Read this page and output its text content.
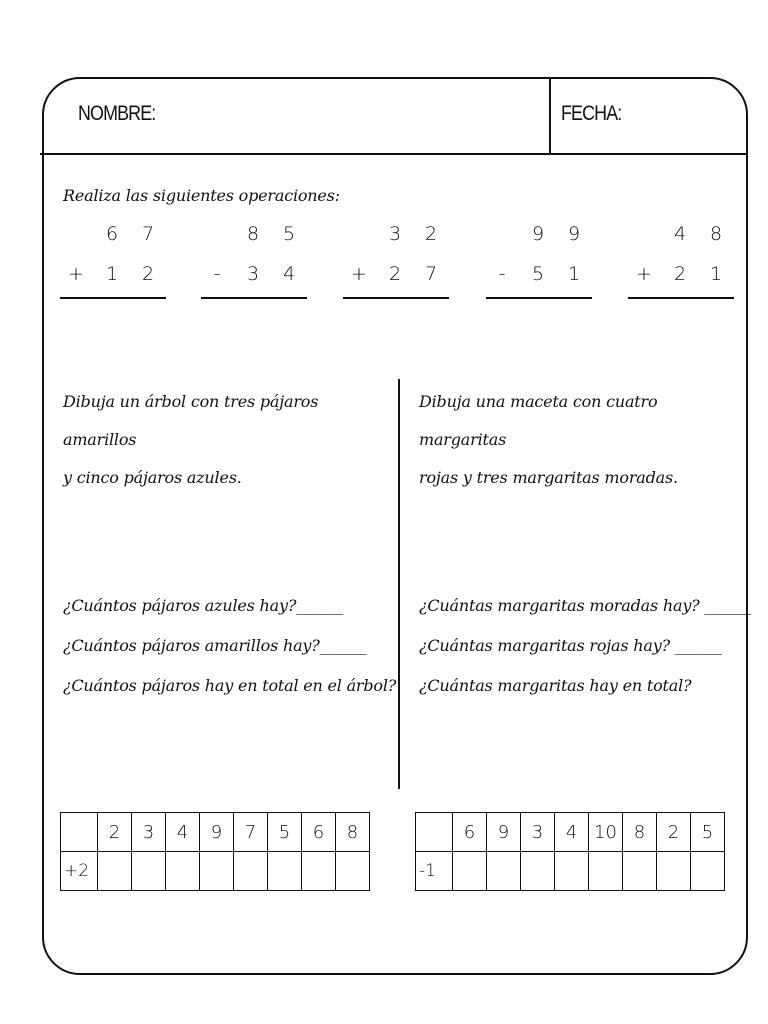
NOMBRE:	FECHA:
Realiza las siguientes operaciones:
6	7
+	1	2
8	5
-	3	4
3	2
+	2	7
9	9
-	5	1
4	8
+	2	1
Dibuja un árbol con tres pájaros amarillos
y cinco pájaros azules.
¿Cuántos pájaros azules hay?______
¿Cuántos pájaros amarillos hay?______
¿Cuántos pájaros hay en total en el árbol?
Dibuja una maceta con cuatro margaritas
rojas y tres margaritas moradas.
¿Cuántas margaritas moradas hay? ______
¿Cuántas margaritas rojas hay? ______
¿Cuántas margaritas hay en total?
	2	3	4	9	7	5	6	8
+2								
	6	9	3	4	10	8	2	5
-1								
